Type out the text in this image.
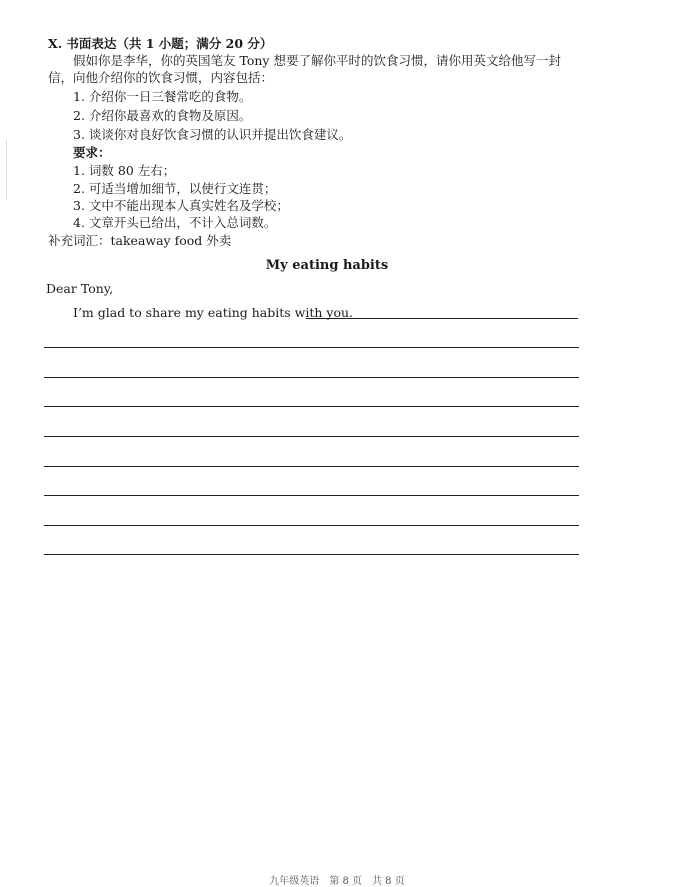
X. 书面表达（共 1 小题；满分 20 分）
假如你是李华，你的英国笔友 Tony 想要了解你平时的饮食习惯，请你用英文给他写一封
信，向他介绍你的饮食习惯，内容包括：
1. 介绍你一日三餐常吃的食物。
2. 介绍你最喜欢的食物及原因。
3. 谈谈你对良好饮食习惯的认识并提出饮食建议。
要求：
1. 词数 80 左右；
2. 可适当增加细节，以使行文连贯；
3. 文中不能出现本人真实姓名及学校；
4. 文章开头已给出，不计入总词数。
补充词汇：takeaway food 外卖
My eating habits
Dear Tony,
I’m glad to share my eating habits with you.
九年级英语　第 8 页　共 8 页
